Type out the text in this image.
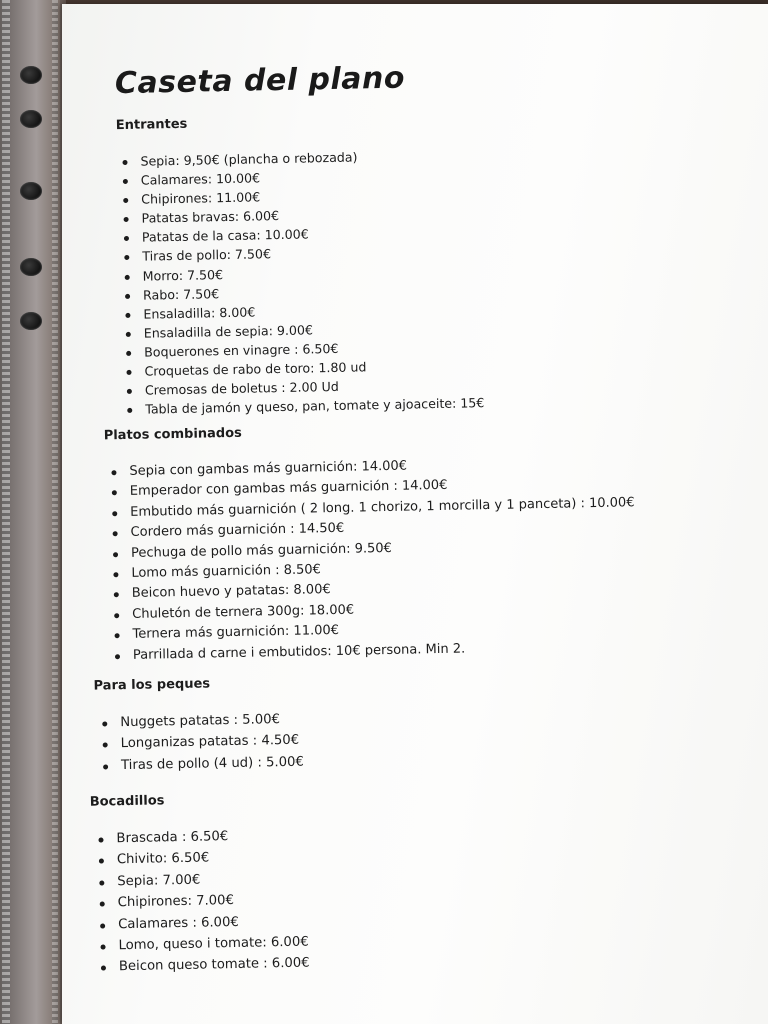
Caseta del plano
Entrantes
Sepia: 9,50€ (plancha o rebozada)
Calamares: 10.00€
Chipirones: 11.00€
Patatas bravas: 6.00€
Patatas de la casa: 10.00€
Tiras de pollo: 7.50€
Morro: 7.50€
Rabo: 7.50€
Ensaladilla: 8.00€
Ensaladilla de sepia: 9.00€
Boquerones en vinagre : 6.50€
Croquetas de rabo de toro: 1.80 ud
Cremosas de boletus : 2.00 Ud
Tabla de jamón y queso, pan, tomate y ajoaceite: 15€
Platos combinados
Sepia con gambas más guarnición: 14.00€
Emperador con gambas más guarnición : 14.00€
Embutido más guarnición ( 2 long. 1 chorizo, 1 morcilla y 1 panceta) : 10.00€
Cordero más guarnición : 14.50€
Pechuga de pollo más guarnición: 9.50€
Lomo más guarnición : 8.50€
Beicon huevo y patatas: 8.00€
Chuletón de ternera 300g: 18.00€
Ternera más guarnición: 11.00€
Parrillada d carne i embutidos: 10€ persona. Min 2.
Para los peques
Nuggets patatas : 5.00€
Longanizas patatas : 4.50€
Tiras de pollo (4 ud) : 5.00€
Bocadillos
Brascada : 6.50€
Chivito: 6.50€
Sepia: 7.00€
Chipirones: 7.00€
Calamares : 6.00€
Lomo, queso i tomate: 6.00€
Beicon queso tomate : 6.00€
